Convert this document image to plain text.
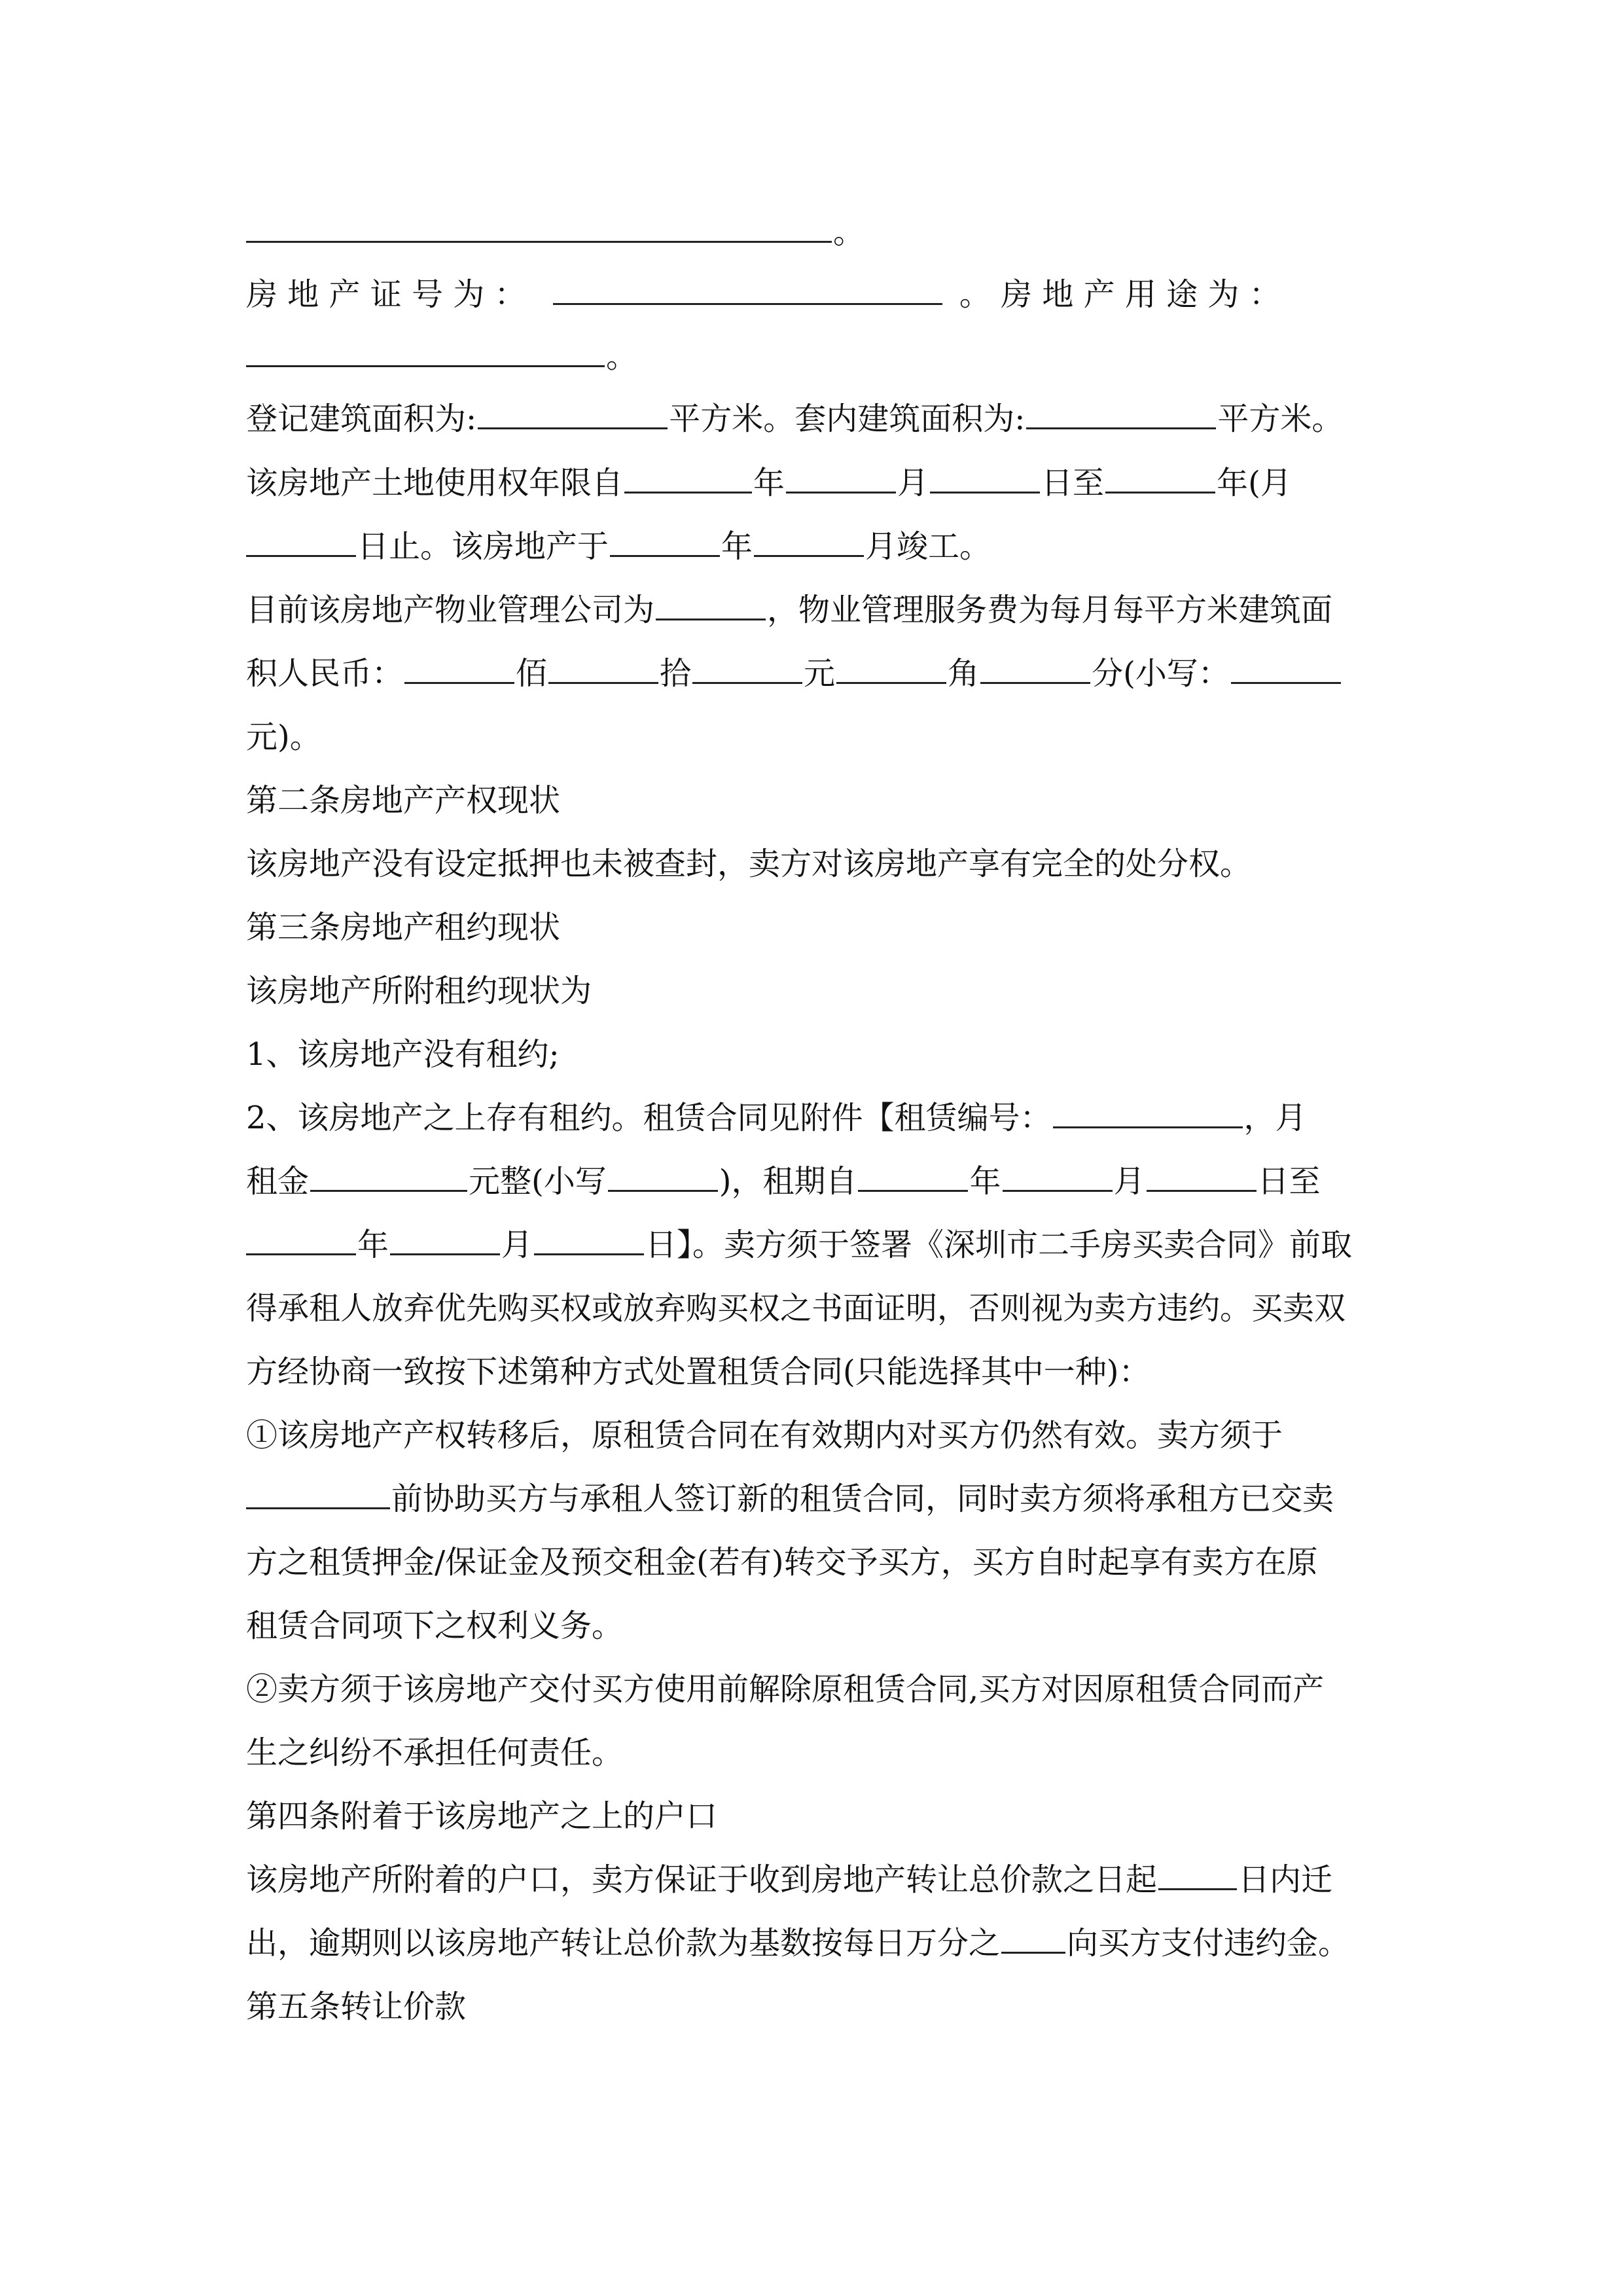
。
房 地 产 证 号 为 ：	。 房 地 产 用 途 为 ：
。
登记建筑面积为:	平方米。套内建筑面积为:	平方米。
该房地产土地使用权年限自	年	月	日至	年(月
日止。该房地产于	年	月竣工。
目前该房地产物业管理公司为	，物业管理服务费为每月每平方米建筑面
积人民币：	佰	拾	元	角	分(小写：
元)。
第二条房地产产权现状
该房地产没有设定抵押也未被查封，卖方对该房地产享有完全的处分权。
第三条房地产租约现状
该房地产所附租约现状为
1、该房地产没有租约;
2、该房地产之上存有租约。租赁合同见附件【租赁编号：	，月
租金	元整(小写	)，租期自	年	月	日至
年	月	日】。卖方须于签署《深圳市二手房买卖合同》前取
得承租人放弃优先购买权或放弃购买权之书面证明，否则视为卖方违约。买卖双
方经协商一致按下述第种方式处置租赁合同(只能选择其中一种)：
①该房地产产权转移后，原租赁合同在有效期内对买方仍然有效。卖方须于
前协助买方与承租人签订新的租赁合同，同时卖方须将承租方已交卖
方之租赁押金/保证金及预交租金(若有)转交予买方，买方自时起享有卖方在原
租赁合同项下之权利义务。
②卖方须于该房地产交付买方使用前解除原租赁合同,买方对因原租赁合同而产
生之纠纷不承担任何责任。
第四条附着于该房地产之上的户口
该房地产所附着的户口，卖方保证于收到房地产转让总价款之日起	日内迁
出，逾期则以该房地产转让总价款为基数按每日万分之 向买方支付违约金。
第五条转让价款
